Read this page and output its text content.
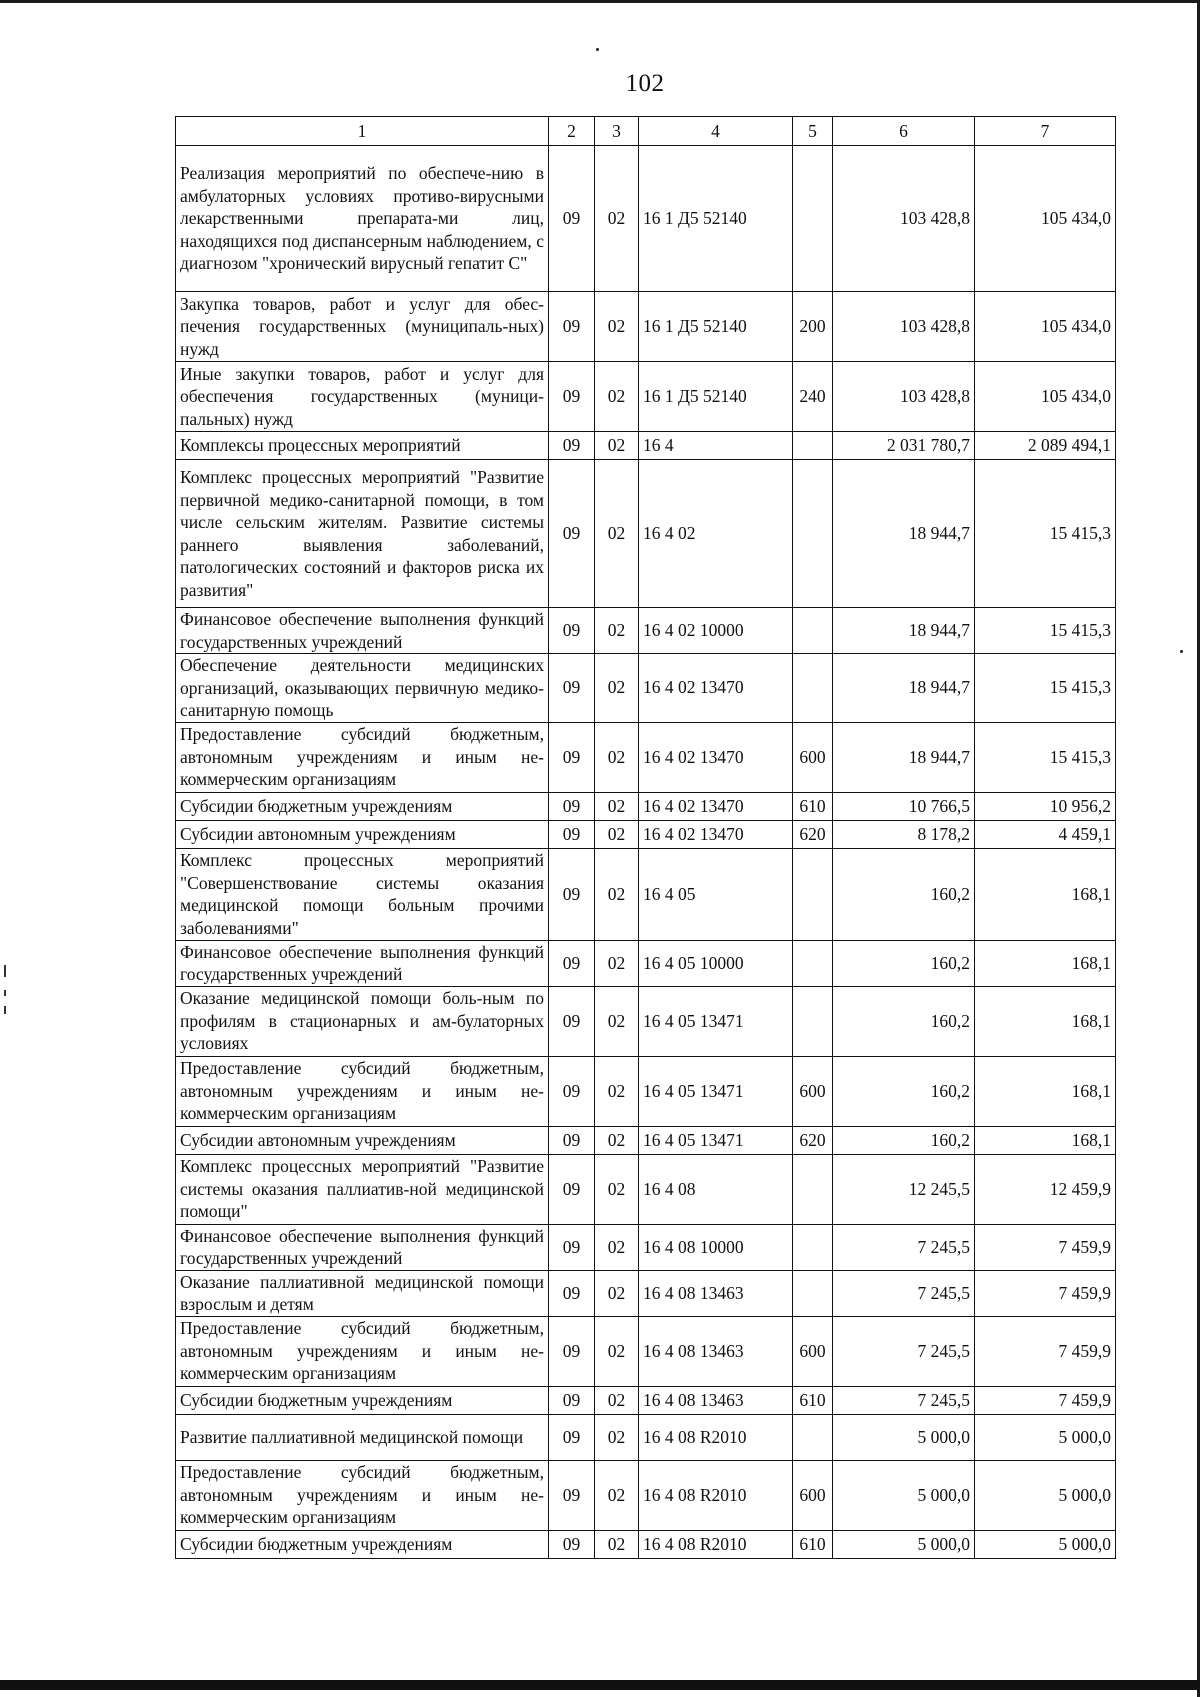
102
1	2	3	4	5	6	7
Реализация мероприятий по обеспече-нию в амбулаторных условиях противо-вирусными лекарственными препарата-ми лиц, находящихся под диспансерным наблюдением, с диагнозом "хронический вирусный гепатит С"	09	02	16 1 Д5 52140		103 428,8	105 434,0
Закупка товаров, работ и услуг для обес-печения государственных (муниципаль-ных) нужд	09	02	16 1 Д5 52140	200	103 428,8	105 434,0
Иные закупки товаров, работ и услуг для обеспечения государственных (муници-пальных) нужд	09	02	16 1 Д5 52140	240	103 428,8	105 434,0
Комплексы процессных мероприятий	09	02	16 4		2 031 780,7	2 089 494,1
Комплекс процессных мероприятий "Развитие первичной медико-санитарной помощи, в том числе сельским жителям. Развитие системы раннего выявления заболеваний, патологических состояний и факторов риска их развития"	09	02	16 4 02		18 944,7	15 415,3
Финансовое обеспечение выполнения функций государственных учреждений	09	02	16 4 02 10000		18 944,7	15 415,3
Обеспечение деятельности медицинских организаций, оказывающих первичную медико-санитарную помощь	09	02	16 4 02 13470		18 944,7	15 415,3
Предоставление субсидий бюджетным, автономным учреждениям и иным не-коммерческим организациям	09	02	16 4 02 13470	600	18 944,7	15 415,3
Субсидии бюджетным учреждениям	09	02	16 4 02 13470	610	10 766,5	10 956,2
Субсидии автономным учреждениям	09	02	16 4 02 13470	620	8 178,2	4 459,1
Комплекс процессных мероприятий "Совершенствование системы оказания медицинской помощи больным прочими заболеваниями"	09	02	16 4 05		160,2	168,1
Финансовое обеспечение выполнения функций государственных учреждений	09	02	16 4 05 10000		160,2	168,1
Оказание медицинской помощи боль-ным по профилям в стационарных и ам-булаторных условиях	09	02	16 4 05 13471		160,2	168,1
Предоставление субсидий бюджетным, автономным учреждениям и иным не-коммерческим организациям	09	02	16 4 05 13471	600	160,2	168,1
Субсидии автономным учреждениям	09	02	16 4 05 13471	620	160,2	168,1
Комплекс процессных мероприятий "Развитие системы оказания паллиатив-ной медицинской помощи"	09	02	16 4 08		12 245,5	12 459,9
Финансовое обеспечение выполнения функций государственных учреждений	09	02	16 4 08 10000		7 245,5	7 459,9
Оказание паллиативной медицинской помощи взрослым и детям	09	02	16 4 08 13463		7 245,5	7 459,9
Предоставление субсидий бюджетным, автономным учреждениям и иным не-коммерческим организациям	09	02	16 4 08 13463	600	7 245,5	7 459,9
Субсидии бюджетным учреждениям	09	02	16 4 08 13463	610	7 245,5	7 459,9
Развитие паллиативной медицинской помощи	09	02	16 4 08 R2010		5 000,0	5 000,0
Предоставление субсидий бюджетным, автономным учреждениям и иным не-коммерческим организациям	09	02	16 4 08 R2010	600	5 000,0	5 000,0
Субсидии бюджетным учреждениям	09	02	16 4 08 R2010	610	5 000,0	5 000,0
